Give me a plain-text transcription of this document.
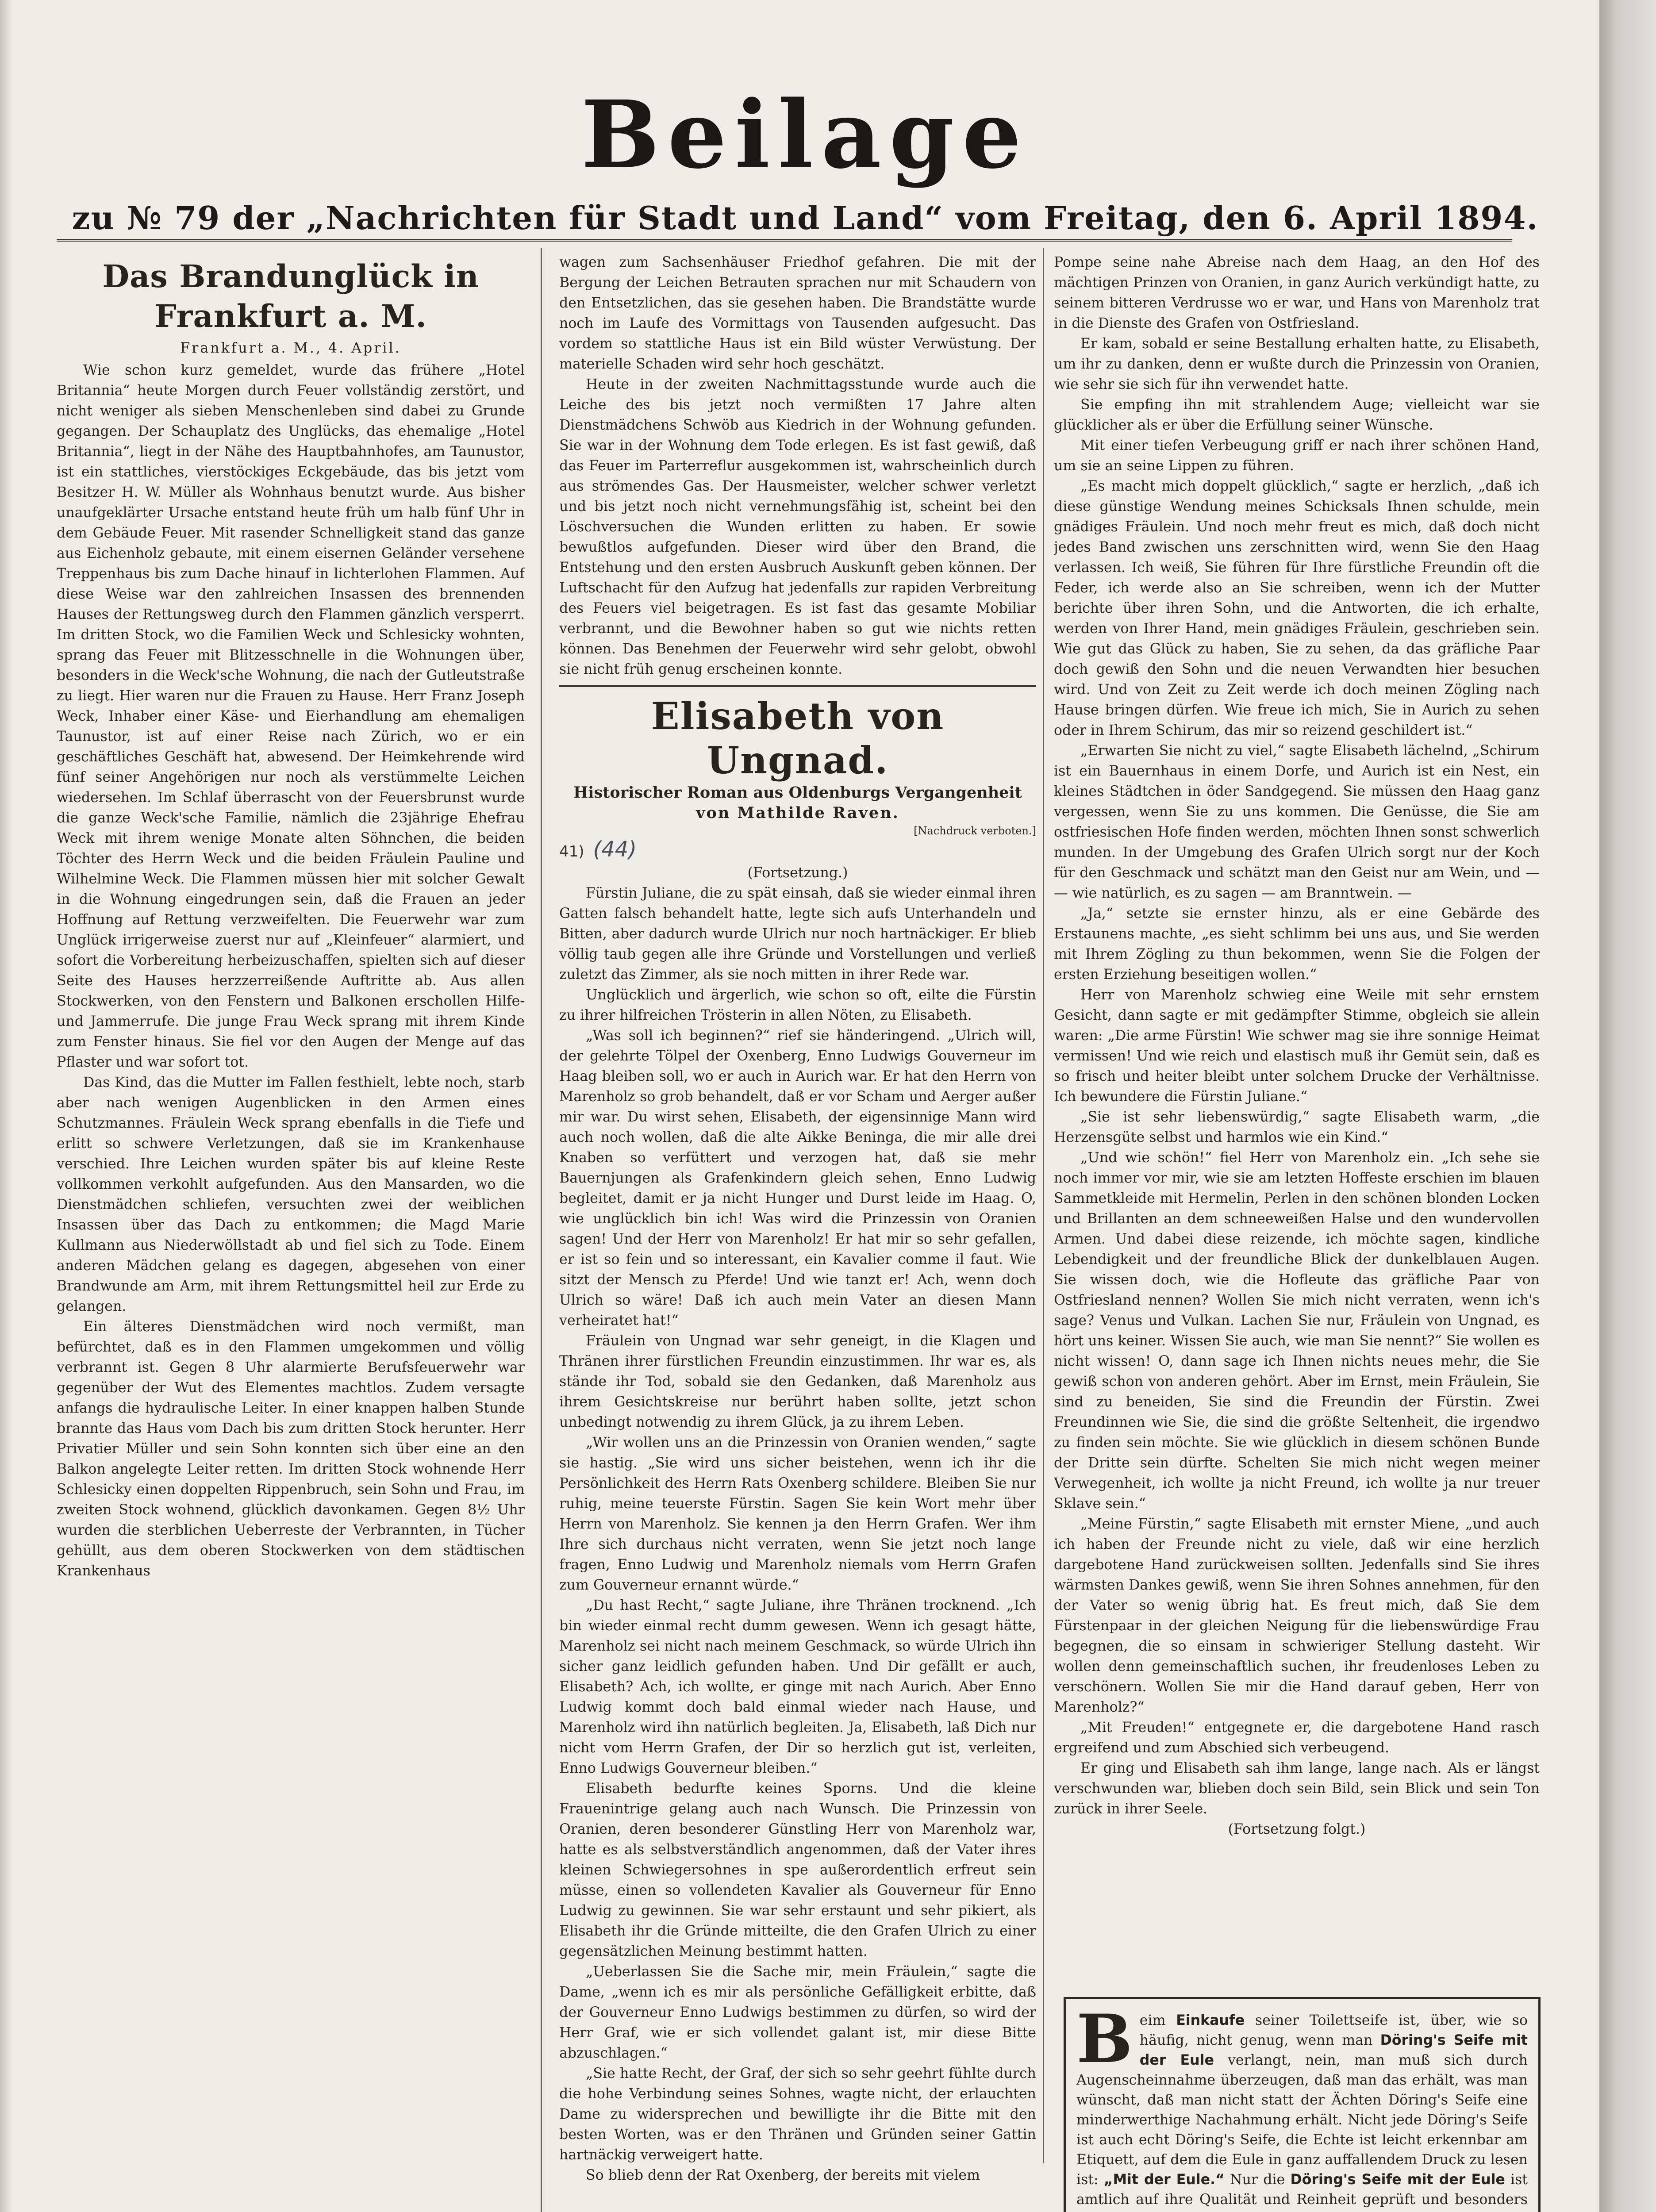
Beilage
zu № 79 der „Nachrichten für Stadt und Land“ vom Freitag, den 6. April 1894.
Das Brandunglück in Frankfurt a. M.
Frankfurt a. M., 4. April.

Wie schon kurz gemeldet, wurde das frühere „Hotel Britannia“ heute Morgen durch Feuer vollständig zerstört, und nicht weniger als sieben Menschenleben sind dabei zu Grunde gegangen. Der Schauplatz des Unglücks, das ehemalige „Hotel Britannia“, liegt in der Nähe des Hauptbahnhofes, am Taunustor, ist ein stattliches, vierstöckiges Eckgebäude, das bis jetzt vom Besitzer H. W. Müller als Wohnhaus benutzt wurde. Aus bisher unaufgeklärter Ursache entstand heute früh um halb fünf Uhr in dem Gebäude Feuer. Mit rasender Schnelligkeit stand das ganze aus Eichenholz gebaute, mit einem eisernen Geländer versehene Treppenhaus bis zum Dache hinauf in lichterlohen Flammen. Auf diese Weise war den zahlreichen Insassen des brennenden Hauses der Rettungsweg durch den Flammen gänzlich versperrt. Im dritten Stock, wo die Familien Weck und Schlesicky wohnten, sprang das Feuer mit Blitzesschnelle in die Wohnungen über, besonders in die Weck'sche Wohnung, die nach der Gutleutstraße zu liegt. Hier waren nur die Frauen zu Hause. Herr Franz Joseph Weck, Inhaber einer Käse- und Eierhandlung am ehemaligen Taunustor, ist auf einer Reise nach Zürich, wo er ein geschäftliches Geschäft hat, abwesend. Der Heimkehrende wird fünf seiner Angehörigen nur noch als verstümmelte Leichen wiedersehen. Im Schlaf überrascht von der Feuersbrunst wurde die ganze Weck'sche Familie, nämlich die 23jährige Ehefrau Weck mit ihrem wenige Monate alten Söhnchen, die beiden Töchter des Herrn Weck und die beiden Fräulein Pauline und Wilhelmine Weck. Die Flammen müssen hier mit solcher Gewalt in die Wohnung eingedrungen sein, daß die Frauen an jeder Hoffnung auf Rettung verzweifelten. Die Feuerwehr war zum Unglück irrigerweise zuerst nur auf „Kleinfeuer“ alarmiert, und sofort die Vorbereitung herbeizuschaffen, spielten sich auf dieser Seite des Hauses herzzerreißende Auftritte ab. Aus allen Stockwerken, von den Fenstern und Balkonen erschollen Hilfe- und Jammerrufe. Die junge Frau Weck sprang mit ihrem Kinde zum Fenster hinaus. Sie fiel vor den Augen der Menge auf das Pflaster und war sofort tot.

Das Kind, das die Mutter im Fallen festhielt, lebte noch, starb aber nach wenigen Augenblicken in den Armen eines Schutzmannes. Fräulein Weck sprang ebenfalls in die Tiefe und erlitt so schwere Verletzungen, daß sie im Krankenhause verschied. Ihre Leichen wurden später bis auf kleine Reste vollkommen verkohlt aufgefunden. Aus den Mansarden, wo die Dienstmädchen schliefen, versuchten zwei der weiblichen Insassen über das Dach zu entkommen; die Magd Marie Kullmann aus Niederwöllstadt ab und fiel sich zu Tode. Einem anderen Mädchen gelang es dagegen, abgesehen von einer Brandwunde am Arm, mit ihrem Rettungsmittel heil zur Erde zu gelangen.

Ein älteres Dienstmädchen wird noch vermißt, man befürchtet, daß es in den Flammen umgekommen und völlig verbrannt ist. Gegen 8 Uhr alarmierte Berufsfeuerwehr war gegenüber der Wut des Elementes machtlos. Zudem versagte anfangs die hydraulische Leiter. In einer knappen halben Stunde brannte das Haus vom Dach bis zum dritten Stock herunter. Herr Privatier Müller und sein Sohn konnten sich über eine an den Balkon angelegte Leiter retten. Im dritten Stock wohnende Herr Schlesicky einen doppelten Rippenbruch, sein Sohn und Frau, im zweiten Stock wohnend, glücklich davonkamen. Gegen 8½ Uhr wurden die sterblichen Ueberreste der Verbrannten, in Tücher gehüllt, aus dem oberen Stockwerken von dem städtischen Krankenhaus

wagen zum Sachsenhäuser Friedhof gefahren. Die mit der Bergung der Leichen Betrauten sprachen nur mit Schaudern von den Entsetzlichen, das sie gesehen haben. Die Brandstätte wurde noch im Laufe des Vormittags von Tausenden aufgesucht. Das vordem so stattliche Haus ist ein Bild wüster Verwüstung. Der materielle Schaden wird sehr hoch geschätzt.

Heute in der zweiten Nachmittagsstunde wurde auch die Leiche des bis jetzt noch vermißten 17 Jahre alten Dienstmädchens Schwöb aus Kiedrich in der Wohnung gefunden. Sie war in der Wohnung dem Tode erlegen. Es ist fast gewiß, daß das Feuer im Parterreflur ausgekommen ist, wahrscheinlich durch aus strömendes Gas. Der Hausmeister, welcher schwer verletzt und bis jetzt noch nicht vernehmungsfähig ist, scheint bei den Löschversuchen die Wunden erlitten zu haben. Er sowie bewußtlos aufgefunden. Dieser wird über den Brand, die Entstehung und den ersten Ausbruch Auskunft geben können. Der Luftschacht für den Aufzug hat jedenfalls zur rapiden Verbreitung des Feuers viel beigetragen. Es ist fast das gesamte Mobiliar verbrannt, und die Bewohner haben so gut wie nichts retten können. Das Benehmen der Feuerwehr wird sehr gelobt, obwohl sie nicht früh genug erscheinen konnte.

Elisabeth von Ungnad.
Historischer Roman aus Oldenburgs Vergangenheit
von Mathilde Raven.
[Nachdruck verboten.]
41) (44)

(Fortsetzung.)

Fürstin Juliane, die zu spät einsah, daß sie wieder einmal ihren Gatten falsch behandelt hatte, legte sich aufs Unterhandeln und Bitten, aber dadurch wurde Ulrich nur noch hartnäckiger. Er blieb völlig taub gegen alle ihre Gründe und Vorstellungen und verließ zuletzt das Zimmer, als sie noch mitten in ihrer Rede war.

Unglücklich und ärgerlich, wie schon so oft, eilte die Fürstin zu ihrer hilfreichen Trösterin in allen Nöten, zu Elisabeth.

„Was soll ich beginnen?“ rief sie händeringend. „Ulrich will, der gelehrte Tölpel der Oxenberg, Enno Ludwigs Gouverneur im Haag bleiben soll, wo er auch in Aurich war. Er hat den Herrn von Marenholz so grob behandelt, daß er vor Scham und Aerger außer mir war. Du wirst sehen, Elisabeth, der eigensinnige Mann wird auch noch wollen, daß die alte Aikke Beninga, die mir alle drei Knaben so verfüttert und verzogen hat, daß sie mehr Bauernjungen als Grafenkindern gleich sehen, Enno Ludwig begleitet, damit er ja nicht Hunger und Durst leide im Haag. O, wie unglücklich bin ich! Was wird die Prinzessin von Oranien sagen! Und der Herr von Marenholz! Er hat mir so sehr gefallen, er ist so fein und so interessant, ein Kavalier comme il faut. Wie sitzt der Mensch zu Pferde! Und wie tanzt er! Ach, wenn doch Ulrich so wäre! Daß ich auch mein Vater an diesen Mann verheiratet hat!“

Fräulein von Ungnad war sehr geneigt, in die Klagen und Thränen ihrer fürstlichen Freundin einzustimmen. Ihr war es, als stände ihr Tod, sobald sie den Gedanken, daß Marenholz aus ihrem Gesichtskreise nur berührt haben sollte, jetzt schon unbedingt notwendig zu ihrem Glück, ja zu ihrem Leben.

„Wir wollen uns an die Prinzessin von Oranien wenden,“ sagte sie hastig. „Sie wird uns sicher beistehen, wenn ich ihr die Persönlichkeit des Herrn Rats Oxenberg schildere. Bleiben Sie nur ruhig, meine teuerste Fürstin. Sagen Sie kein Wort mehr über Herrn von Marenholz. Sie kennen ja den Herrn Grafen. Wer ihm Ihre sich durchaus nicht verraten, wenn Sie jetzt noch lange fragen, Enno Ludwig und Marenholz niemals vom Herrn Grafen zum Gouverneur ernannt würde.“

„Du hast Recht,“ sagte Juliane, ihre Thränen trocknend. „Ich bin wieder einmal recht dumm gewesen. Wenn ich gesagt hätte, Marenholz sei nicht nach meinem Geschmack, so würde Ulrich ihn sicher ganz leidlich gefunden haben. Und Dir gefällt er auch, Elisabeth? Ach, ich wollte, er ginge mit nach Aurich. Aber Enno Ludwig kommt doch bald einmal wieder nach Hause, und Marenholz wird ihn natürlich begleiten. Ja, Elisabeth, laß Dich nur nicht vom Herrn Grafen, der Dir so herzlich gut ist, verleiten, Enno Ludwigs Gouverneur bleiben.“

Elisabeth bedurfte keines Sporns. Und die kleine Frauenintrige gelang auch nach Wunsch. Die Prinzessin von Oranien, deren besonderer Günstling Herr von Marenholz war, hatte es als selbstverständlich angenommen, daß der Vater ihres kleinen Schwiegersohnes in spe außerordentlich erfreut sein müsse, einen so vollendeten Kavalier als Gouverneur für Enno Ludwig zu gewinnen. Sie war sehr erstaunt und sehr pikiert, als Elisabeth ihr die Gründe mitteilte, die den Grafen Ulrich zu einer gegensätzlichen Meinung bestimmt hatten.

„Ueberlassen Sie die Sache mir, mein Fräulein,“ sagte die Dame, „wenn ich es mir als persönliche Gefälligkeit erbitte, daß der Gouverneur Enno Ludwigs bestimmen zu dürfen, so wird der Herr Graf, wie er sich vollendet galant ist, mir diese Bitte abzuschlagen.“

„Sie hatte Recht, der Graf, der sich so sehr geehrt fühlte durch die hohe Verbindung seines Sohnes, wagte nicht, der erlauchten Dame zu widersprechen und bewilligte ihr die Bitte mit den besten Worten, was er den Thränen und Gründen seiner Gattin hartnäckig verweigert hatte.

So blieb denn der Rat Oxenberg, der bereits mit vielem

Pompe seine nahe Abreise nach dem Haag, an den Hof des mächtigen Prinzen von Oranien, in ganz Aurich verkündigt hatte, zu seinem bitteren Verdrusse wo er war, und Hans von Marenholz trat in die Dienste des Grafen von Ostfriesland.

Er kam, sobald er seine Bestallung erhalten hatte, zu Elisabeth, um ihr zu danken, denn er wußte durch die Prinzessin von Oranien, wie sehr sie sich für ihn verwendet hatte.

Sie empfing ihn mit strahlendem Auge; vielleicht war sie glücklicher als er über die Erfüllung seiner Wünsche.

Mit einer tiefen Verbeugung griff er nach ihrer schönen Hand, um sie an seine Lippen zu führen.

„Es macht mich doppelt glücklich,“ sagte er herzlich, „daß ich diese günstige Wendung meines Schicksals Ihnen schulde, mein gnädiges Fräulein. Und noch mehr freut es mich, daß doch nicht jedes Band zwischen uns zerschnitten wird, wenn Sie den Haag verlassen. Ich weiß, Sie führen für Ihre fürstliche Freundin oft die Feder, ich werde also an Sie schreiben, wenn ich der Mutter berichte über ihren Sohn, und die Antworten, die ich erhalte, werden von Ihrer Hand, mein gnädiges Fräulein, geschrieben sein. Wie gut das Glück zu haben, Sie zu sehen, da das gräfliche Paar doch gewiß den Sohn und die neuen Verwandten hier besuchen wird. Und von Zeit zu Zeit werde ich doch meinen Zögling nach Hause bringen dürfen. Wie freue ich mich, Sie in Aurich zu sehen oder in Ihrem Schirum, das mir so reizend geschildert ist.“

„Erwarten Sie nicht zu viel,“ sagte Elisabeth lächelnd, „Schirum ist ein Bauernhaus in einem Dorfe, und Aurich ist ein Nest, ein kleines Städtchen in öder Sandgegend. Sie müssen den Haag ganz vergessen, wenn Sie zu uns kommen. Die Genüsse, die Sie am ostfriesischen Hofe finden werden, möchten Ihnen sonst schwerlich munden. In der Umgebung des Grafen Ulrich sorgt nur der Koch für den Geschmack und schätzt man den Geist nur am Wein, und — — wie natürlich, es zu sagen — am Branntwein. —

„Ja,“ setzte sie ernster hinzu, als er eine Gebärde des Erstaunens machte, „es sieht schlimm bei uns aus, und Sie werden mit Ihrem Zögling zu thun bekommen, wenn Sie die Folgen der ersten Erziehung beseitigen wollen.“

Herr von Marenholz schwieg eine Weile mit sehr ernstem Gesicht, dann sagte er mit gedämpfter Stimme, obgleich sie allein waren: „Die arme Fürstin! Wie schwer mag sie ihre sonnige Heimat vermissen! Und wie reich und elastisch muß ihr Gemüt sein, daß es so frisch und heiter bleibt unter solchem Drucke der Verhältnisse. Ich bewundere die Fürstin Juliane.“

„Sie ist sehr liebenswürdig,“ sagte Elisabeth warm, „die Herzensgüte selbst und harmlos wie ein Kind.“

„Und wie schön!“ fiel Herr von Marenholz ein. „Ich sehe sie noch immer vor mir, wie sie am letzten Hoffeste erschien im blauen Sammetkleide mit Hermelin, Perlen in den schönen blonden Locken und Brillanten an dem schneeweißen Halse und den wundervollen Armen. Und dabei diese reizende, ich möchte sagen, kindliche Lebendigkeit und der freundliche Blick der dunkelblauen Augen. Sie wissen doch, wie die Hofleute das gräfliche Paar von Ostfriesland nennen? Wollen Sie mich nicht verraten, wenn ich's sage? Venus und Vulkan. Lachen Sie nur, Fräulein von Ungnad, es hört uns keiner. Wissen Sie auch, wie man Sie nennt?“ Sie wollen es nicht wissen! O, dann sage ich Ihnen nichts neues mehr, die Sie gewiß schon von anderen gehört. Aber im Ernst, mein Fräulein, Sie sind zu beneiden, Sie sind die Freundin der Fürstin. Zwei Freundinnen wie Sie, die sind die größte Seltenheit, die irgendwo zu finden sein möchte. Sie wie glücklich in diesem schönen Bunde der Dritte sein dürfte. Schelten Sie mich nicht wegen meiner Verwegenheit, ich wollte ja nicht Freund, ich wollte ja nur treuer Sklave sein.“

„Meine Fürstin,“ sagte Elisabeth mit ernster Miene, „und auch ich haben der Freunde nicht zu viele, daß wir eine herzlich dargebotene Hand zurückweisen sollten. Jedenfalls sind Sie ihres wärmsten Dankes gewiß, wenn Sie ihren Sohnes annehmen, für den der Vater so wenig übrig hat. Es freut mich, daß Sie dem Fürstenpaar in der gleichen Neigung für die liebenswürdige Frau begegnen, die so einsam in schwieriger Stellung dasteht. Wir wollen denn gemeinschaftlich suchen, ihr freudenloses Leben zu verschönern. Wollen Sie mir die Hand darauf geben, Herr von Marenholz?“

„Mit Freuden!“ entgegnete er, die dargebotene Hand rasch ergreifend und zum Abschied sich verbeugend.

Er ging und Elisabeth sah ihm lange, lange nach. Als er längst verschwunden war, blieben doch sein Bild, sein Blick und sein Ton zurück in ihrer Seele.

(Fortsetzung folgt.)

Beim Einkaufe seiner Toilettseife ist, über, wie so häufig, nicht genug, wenn man Döring's Seife mit der Eule verlangt, nein, man muß sich durch Augenscheinnahme überzeugen, daß man das erhält, was man wünscht, daß man nicht statt der Ächten Döring's Seife eine minderwerthige Nachahmung erhält. Nicht jede Döring's Seife ist auch echt Döring's Seife, die Echte ist leicht erkennbar am Etiquett, auf dem die Eule in ganz auffallendem Druck zu lesen ist: „Mit der Eule.“ Nur die Döring's Seife mit der Eule ist amtlich auf ihre Qualität und Reinheit geprüft und besonders
